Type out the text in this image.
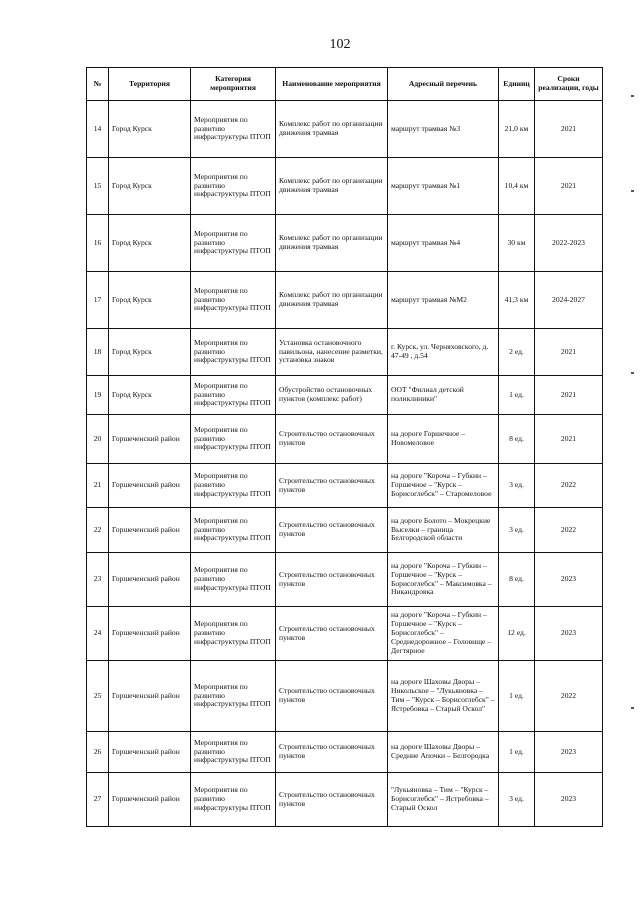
102
№	Территория	Категория мероприятия	Наименование мероприятия	Адресный перечень	Единиц	Сроки реализации, годы
14	Город Курск	Мероприятия по развитию инфраструктуры ПТОП	Комплекс работ по организации движения трамвая	маршрут трамвая №3	21,0 км	2021
15	Город Курск	Мероприятия по развитию инфраструктуры ПТОП	Комплекс работ по организации движения трамвая	маршрут трамвая №1	10,4 км	2021
16	Город Курск	Мероприятия по развитию инфраструктуры ПТОП	Комплекс работ по организации движения трамвая	маршрут трамвая №4	30 км	2022-2023
17	Город Курск	Мероприятия по развитию инфраструктуры ПТОП	Комплекс работ по организации движения трамвая	маршрут трамвая №М2	41,3 км	2024-2027
18	Город Курск	Мероприятия по развитию инфраструктуры ПТОП	Установка остановочного павильона, нанесение разметки, установка знаков	г. Курск, ул. Черняховского, д. 47-49 , д.54	2 ед.	2021
19	Город Курск	Мероприятия по развитию инфраструктуры ПТОП	Обустройство остановочных пунктов (комплекс работ)	ООТ "Филиал детской поликлиники"	1 ед.	2021
20	Горшеченский район	Мероприятия по развитию инфраструктуры ПТОП	Строительство остановочных пунктов	на дороге Горшечное – Новомеловое	8 ед.	2021
21	Горшеченский район	Мероприятия по развитию инфраструктуры ПТОП	Строительство остановочных пунктов	на дороге "Короча – Губкин – Горшечное – "Курск – Борисоглебск" – Старомеловое	3 ед.	2022
22	Горшеченский район	Мероприятия по развитию инфраструктуры ПТОП	Строительство остановочных пунктов	на дороге Болото – Мокрецкие Выселки – граница Белгородской области	3 ед.	2022
23	Горшеченский район	Мероприятия по развитию инфраструктуры ПТОП	Строительство остановочных пунктов	на дороге "Короча – Губкин – Горшечное – "Курск – Борисоглебск" – Максимовка – Никандровка	8 ед.	2023
24	Горшеченский район	Мероприятия по развитию инфраструктуры ПТОП	Строительство остановочных пунктов	на дороге "Короча – Губкин – Горшечное – "Курск – Борисоглебск" – Среднедорожное – Головище – Дегтярное	12 ед.	2023
25	Горшеченский район	Мероприятия по развитию инфраструктуры ПТОП	Строительство остановочных пунктов	на дороге Шаховы Дворы – Никольское – "Лукьяновка – Тим – "Курск – Борисоглебск" – Ястребовка – Старый Оскол"	1 ед.	2022
26	Горшеченский район	Мероприятия по развитию инфраструктуры ПТОП	Строительство остановочных пунктов	на дороге Шаховы Дворы – Средние Апочки – Белгородка	1 ед.	2023
27	Горшеченский район	Мероприятия по развитию инфраструктуры ПТОП	Строительство остановочных пунктов	"Лукьяновка – Тим – "Курск – Борисоглебск" – Ястребовка – Старый Оскол	3 ед.	2023
